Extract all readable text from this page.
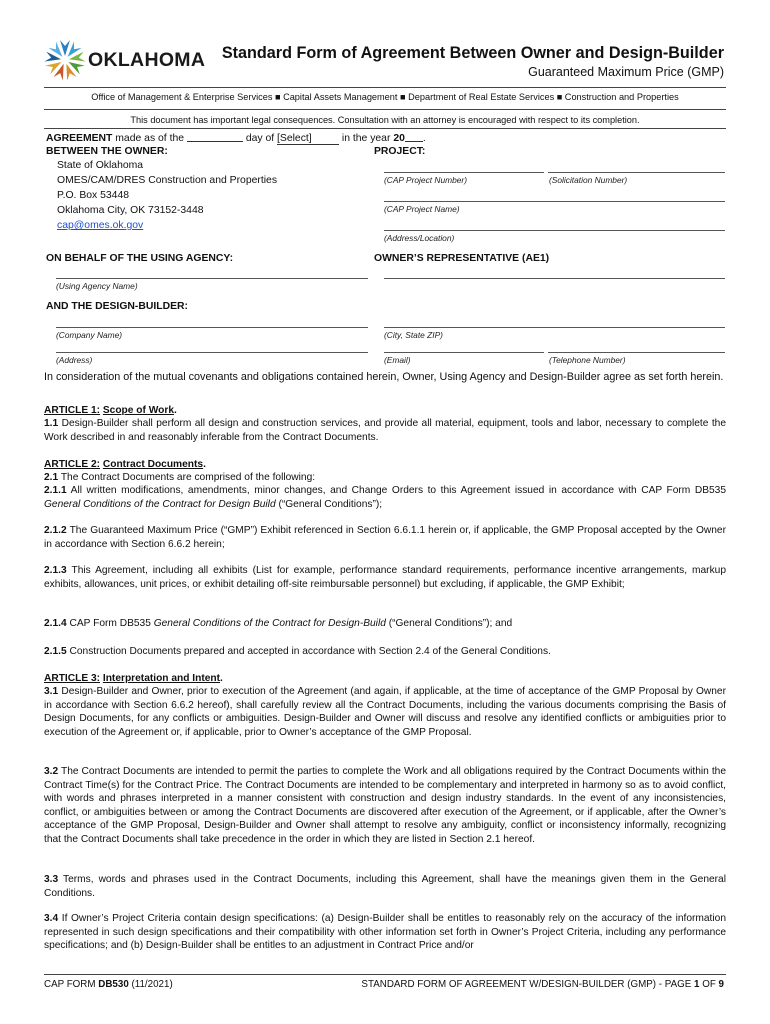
OKLAHOMA Standard Form of Agreement Between Owner and Design-Builder
Guaranteed Maximum Price (GMP)
Office of Management & Enterprise Services ■ Capital Assets Management ■ Department of Real Estate Services ■ Construction and Properties
This document has important legal consequences. Consultation with an attorney is encouraged with respect to its completion.
AGREEMENT made as of the	day of [Select]	in the year 20 .
BETWEEN THE OWNER:
State of Oklahoma
OMES/CAM/DRES Construction and Properties
P.O. Box 53448
Oklahoma City, OK 73152-3448
cap@omes.ok.gov
PROJECT:
(CAP Project Number)	(Solicitation Number)
(CAP Project Name)
(Address/Location)
ON BEHALF OF THE USING AGENCY:	OWNER’S REPRESENTATIVE (AE1)
(Using Agency Name)
AND THE DESIGN-BUILDER:
(Company Name)	(City, State ZIP)
(Address)	(Email)	(Telephone Number)
In consideration of the mutual covenants and obligations contained herein, Owner, Using Agency and Design-Builder agree as set forth herein.
ARTICLE 1: Scope of Work.
1.1 Design-Builder shall perform all design and construction services, and provide all material, equipment, tools and labor, necessary to complete the Work described in and reasonably inferable from the Contract Documents.
ARTICLE 2: Contract Documents.
2.1 The Contract Documents are comprised of the following:
2.1.1 All written modifications, amendments, minor changes, and Change Orders to this Agreement issued in accordance with CAP Form DB535 General Conditions of the Contract for Design Build (“General Conditions”);
2.1.2 The Guaranteed Maximum Price (“GMP”) Exhibit referenced in Section 6.6.1.1 herein or, if applicable, the GMP Proposal accepted by the Owner in accordance with Section 6.6.2 herein;
2.1.3 This Agreement, including all exhibits (List for example, performance standard requirements, performance incentive arrangements, markup exhibits, allowances, unit prices, or exhibit detailing off-site reimbursable personnel) but excluding, if applicable, the GMP Exhibit;
2.1.4 CAP Form DB535 General Conditions of the Contract for Design-Build (“General Conditions”); and
2.1.5 Construction Documents prepared and accepted in accordance with Section 2.4 of the General Conditions.
ARTICLE 3: Interpretation and Intent.
3.1 Design-Builder and Owner, prior to execution of the Agreement (and again, if applicable, at the time of acceptance of the GMP Proposal by Owner in accordance with Section 6.6.2 hereof), shall carefully review all the Contract Documents, including the various documents comprising the Basis of Design Documents, for any conflicts or ambiguities. Design-Builder and Owner will discuss and resolve any identified conflicts or ambiguities prior to execution of the Agreement or, if applicable, prior to Owner’s acceptance of the GMP Proposal.
3.2 The Contract Documents are intended to permit the parties to complete the Work and all obligations required by the Contract Documents within the Contract Time(s) for the Contract Price. The Contract Documents are intended to be complementary and interpreted in harmony so as to avoid conflict, with words and phrases interpreted in a manner consistent with construction and design industry standards. In the event of any inconsistencies, conflict, or ambiguities between or among the Contract Documents are discovered after execution of the Agreement, or if applicable, after the Owner’s acceptance of the GMP Proposal, Design-Builder and Owner shall attempt to resolve any ambiguity, conflict or inconsistency informally, recognizing that the Contract Documents shall take precedence in the order in which they are listed in Section 2.1 hereof.
3.3 Terms, words and phrases used in the Contract Documents, including this Agreement, shall have the meanings given them in the General Conditions.
3.4 If Owner’s Project Criteria contain design specifications: (a) Design-Builder shall be entitles to reasonably rely on the accuracy of the information represented in such design specifications and their compatibility with other information set forth in Owner’s Project Criteria, including any performance specifications; and (b) Design-Builder shall be entitles to an adjustment in Contract Price and/or
CAP FORM DB530 (11/2021)	STANDARD FORM OF AGREEMENT W/DESIGN-BUILDER (GMP) - PAGE 1 OF 9
